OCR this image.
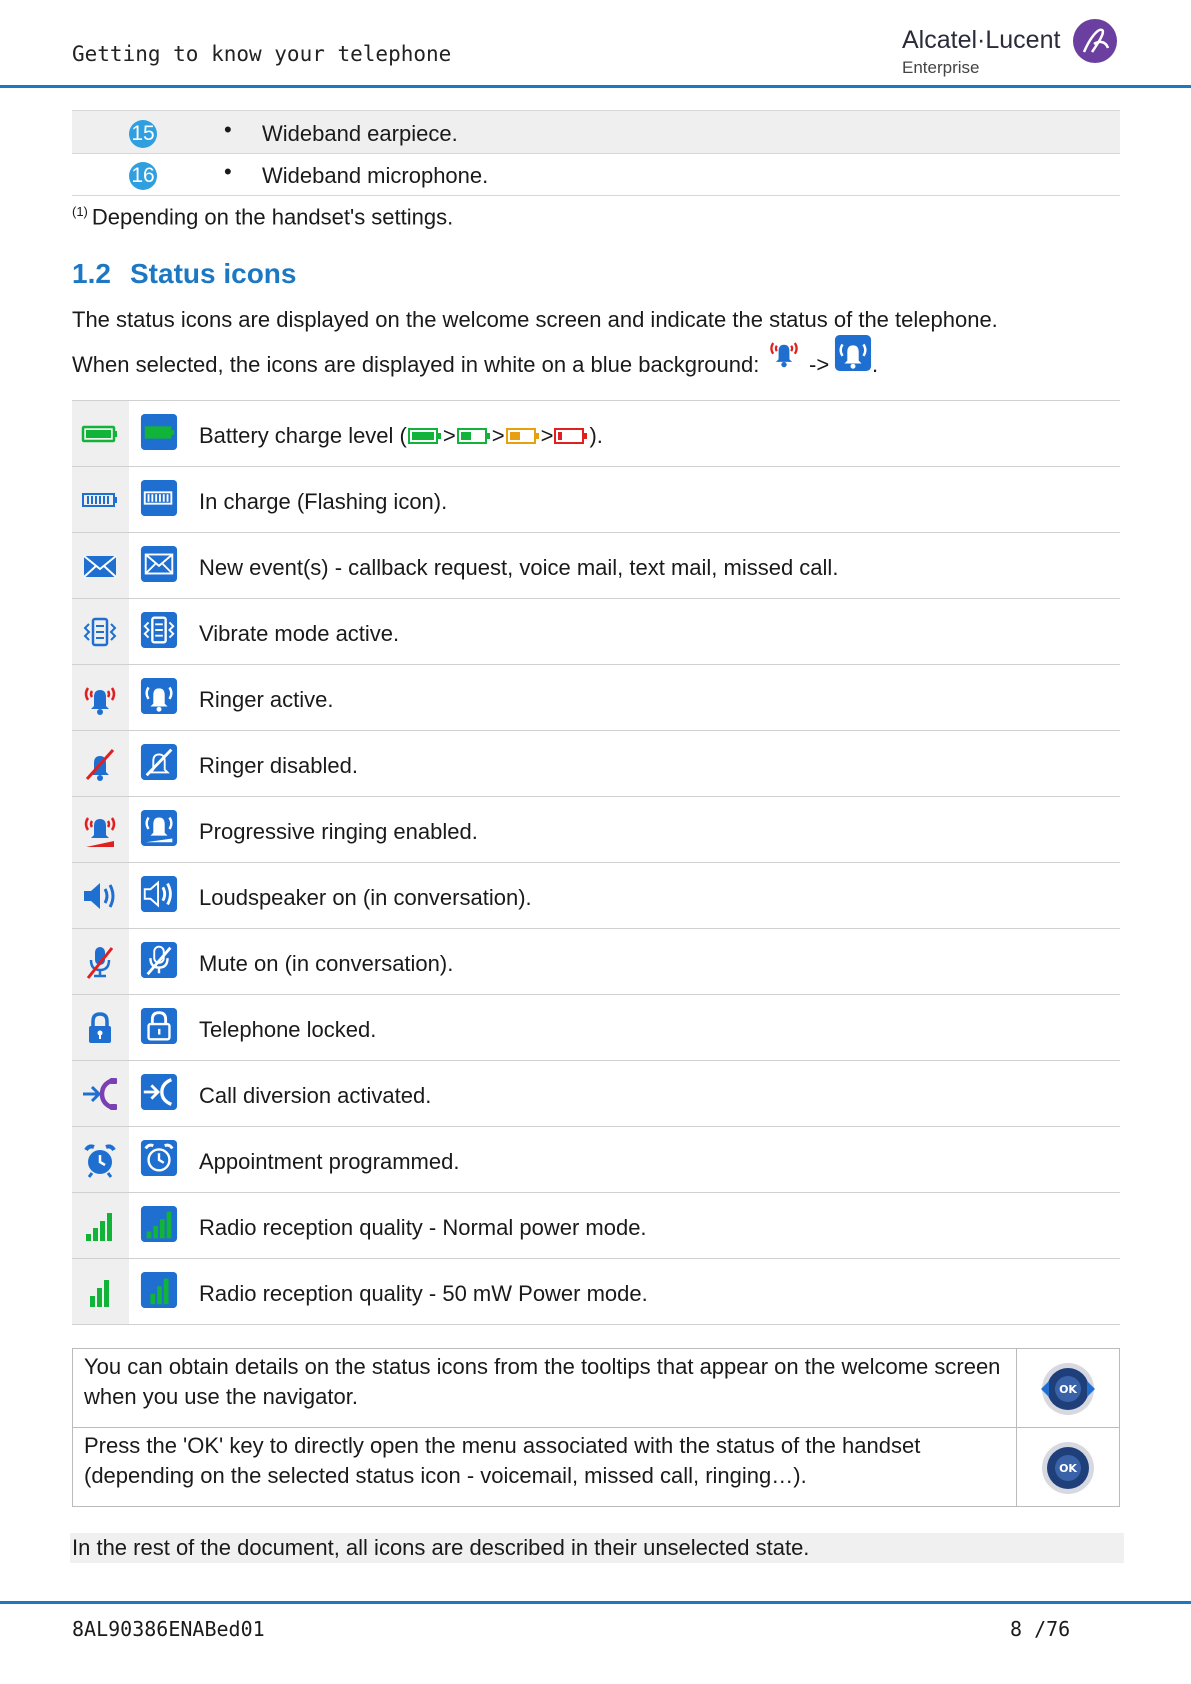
Getting to know your telephone	Alcatel·Lucent
Enterprise
15	• Wideband earpiece.
16	• Wideband microphone.
$^{(1)}$ Depending on the handset's settings.
1.2 Status icons
The status icons are displayed on the welcome screen and indicate the status of the telephone.
When selected, the icons are displayed in white on a blue background: -> .
Battery charge level ( > > > ).
In charge (Flashing icon).
New event(s) - callback request, voice mail, text mail, missed call.
Vibrate mode active.
Ringer active.
Ringer disabled.
Progressive ringing enabled.
Loudspeaker on (in conversation).
Mute on (in conversation).
Telephone locked.
Call diversion activated.
Appointment programmed.
Radio reception quality - Normal power mode.
Radio reception quality - 50 mW Power mode.
You can obtain details on the status icons from the tooltips that appear on the welcome screen when you use the navigator.	OK
Press the 'OK' key to directly open the menu associated with the status of the handset (depending on the selected status icon - voicemail, missed call, ringing…).	OK
In the rest of the document, all icons are described in their unselected state.
8AL90386ENABed01	8 /76
